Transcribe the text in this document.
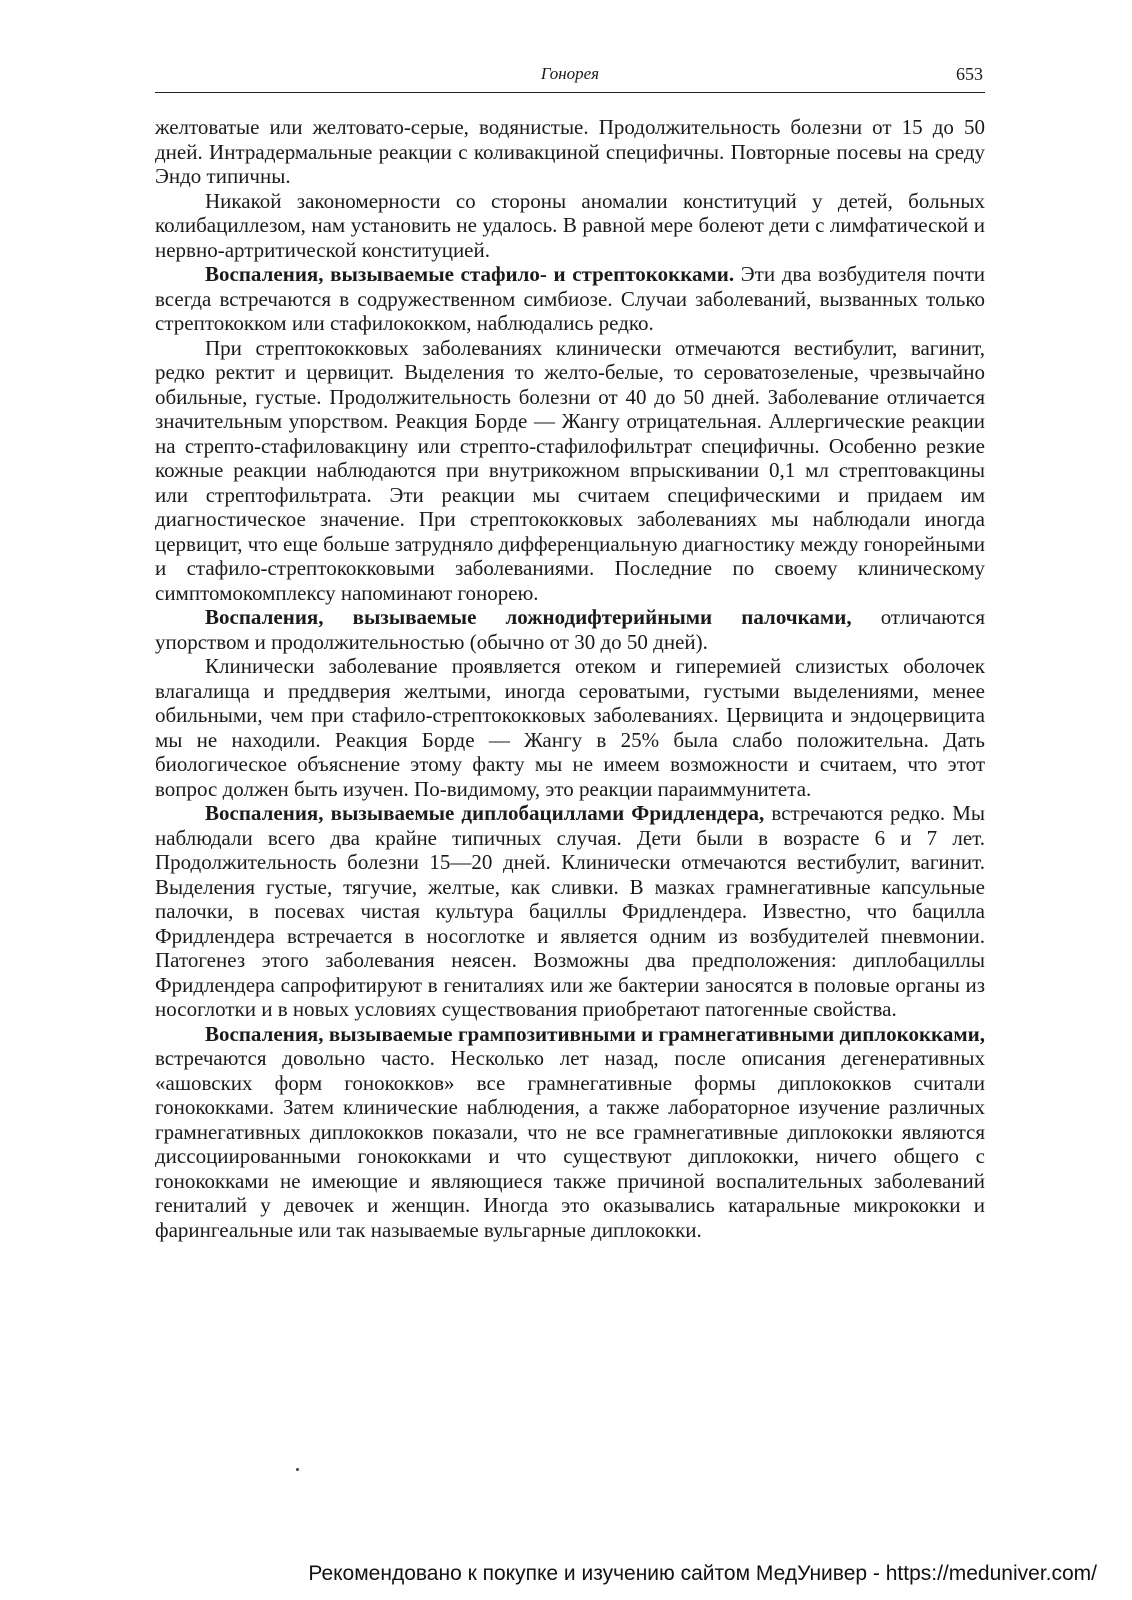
Гонорея	653

желтоватые или желтовато-серые, водянистые. Продолжительность болезни от 15 до 50 дней. Интрадермальные реакции с коливакциной специфичны. Повторные посевы на среду Эндо типичны.

Никакой закономерности со стороны аномалии конституций у детей, больных колибациллезом, нам установить не удалось. В равной мере болеют дети с лимфатической и нервно-артритической конституцией.

Воспаления, вызываемые стафило- и стрептококками. Эти два возбудителя почти всегда встречаются в содружественном симбиозе. Случаи заболеваний, вызванных только стрептококком или стафилококком, наблюдались редко.

При стрептококковых заболеваниях клинически отмечаются вестибулит, вагинит, редко ректит и цервицит. Выделения то желто-белые, то сероватозеленые, чрезвычайно обильные, густые. Продолжительность болезни от 40 до 50 дней. Заболевание отличается значительным упорством. Реакция Борде — Жангу отрицательная. Аллергические реакции на стрепто-стафиловакцину или стрепто-стафилофильтрат специфичны. Особенно резкие кожные реакции наблюдаются при внутрикожном впрыскивании 0,1 мл стрептовакцины или стрептофильтрата. Эти реакции мы считаем специфическими и придаем им диагностическое значение. При стрептококковых заболеваниях мы наблюдали иногда цервицит, что еще больше затрудняло дифференциальную диагностику между гонорейными и стафило-стрептококковыми заболеваниями. Последние по своему клиническому симптомокомплексу напоминают гонорею.

Воспаления, вызываемые ложнодифтерийными палочками, отличаются упорством и продолжительностью (обычно от 30 до 50 дней).

Клинически заболевание проявляется отеком и гиперемией слизистых оболочек влагалища и преддверия желтыми, иногда сероватыми, густыми выделениями, менее обильными, чем при стафило-стрептококковых заболеваниях. Цервицита и эндоцервицита мы не находили. Реакция Борде — Жангу в 25% была слабо положительна. Дать биологическое объяснение этому факту мы не имеем возможности и считаем, что этот вопрос должен быть изучен. По-видимому, это реакции параиммунитета.

Воспаления, вызываемые диплобациллами Фридлендера, встречаются редко. Мы наблюдали всего два крайне типичных случая. Дети были в возрасте 6 и 7 лет. Продолжительность болезни 15—20 дней. Клинически отмечаются вестибулит, вагинит. Выделения густые, тягучие, желтые, как сливки. В мазках грамнегативные капсульные палочки, в посевах чистая культура бациллы Фридлендера. Известно, что бацилла Фридлендера встречается в носоглотке и является одним из возбудителей пневмонии. Патогенез этого заболевания неясен. Возможны два предположения: диплобациллы Фридлендера сапрофитируют в гениталиях или же бактерии заносятся в половые органы из носоглотки и в новых условиях существования приобретают патогенные свойства.

Воспаления, вызываемые грампозитивными и грамнегативными диплококками, встречаются довольно часто. Несколько лет назад, после описания дегенеративных «ашовских форм гонококков» все грамнегативные формы диплококков считали гонококками. Затем клинические наблюдения, а также лабораторное изучение различных грамнегативных диплококков показали, что не все грамнегативные диплококки являются диссоциированными гонококками и что существуют диплококки, ничего общего с гонококками не имеющие и являющиеся также причиной воспалительных заболеваний гениталий у девочек и женщин. Иногда это оказывались катаральные микрококки и фарингеальные или так называемые вульгарные диплококки.

Рекомендовано к покупке и изучению сайтом МедУнивер - https://meduniver.com/
